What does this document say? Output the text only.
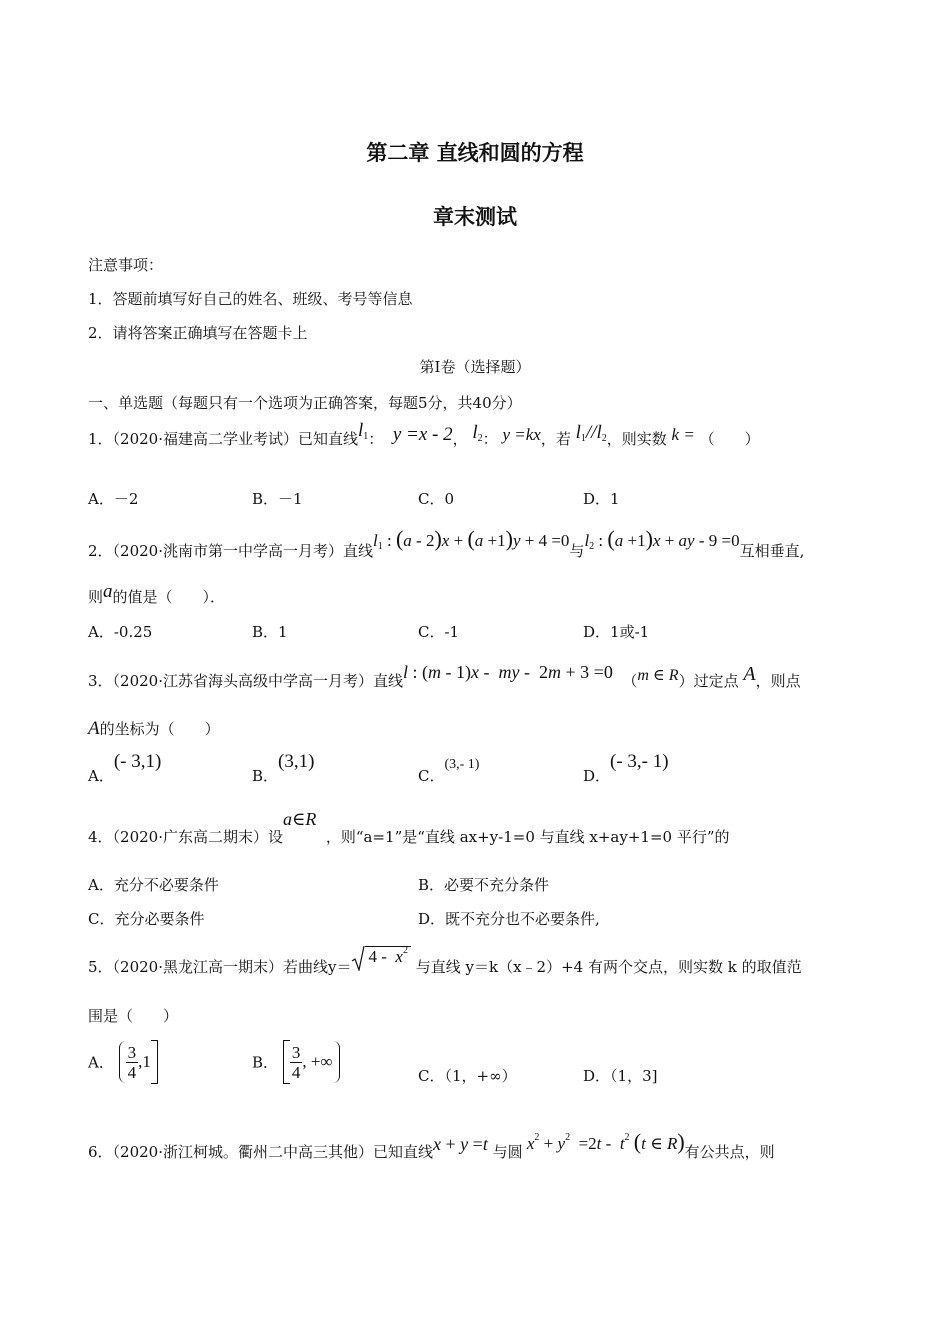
第二章 直线和圆的方程
章末测试
注意事项：
1．答题前填写好自己的姓名、班级、考号等信息
2．请将答案正确填写在答题卡上
第I卷（选择题）
一、单选题（每题只有一个选项为正确答案，每题5分，共40分）
1．（2020·福建高二学业考试）已知直线$l_1$：  y =x - 2， $l_2$： y =kx，若 $l_1//l_2$，则实数 k = （　　）
A．－2	B．－1	C．0	D．1
2．（2020·洮南市第一中学高一月考）直线$l_1$ : (a - 2)x + (a +1)y + 4 =0与$l_2$ : (a +1)x + ay - 9 =0互相垂直,
则a的值是（　　）．
A．-0.25	B．1	C．-1	D．1或-1
3．（2020·江苏省海头高级中学高一月考）直线l : (m - 1)x -  my -  2m + 3 =0 （m ∈ R）过定点 A，则点
A的坐标为（　　）
A．(- 3,1)
B．(3,1)
C．(3,- 1)
D．(- 3,- 1)
4．（2020·广东高二期末）设a∈R  ，则“a=1”是“直线 ax+y-1=0 与直线 x+ay+1=0 平行”的
A．充分不必要条件	B．必要不充分条件
C．充分必要条件	D．既不充分也不必要条件,
5．（2020·黑龙江高一期末）若曲线y＝
$4 - x^2$ 与直线 y＝k（x﹣2）+4 有两个交点，则实数 k 的取值范
围是（　　）
A． $\frac{3}{4} ,1$	B． $\frac{3}{4}$ , +∞
C．（1，+∞）	D．（1，3]
6．（2020·浙江柯城。衢州二中高三其他）已知直线x + y =t 与圆 $x^2 + y^2 =2t - t^2$ (t ∈ R)有公共点，则
